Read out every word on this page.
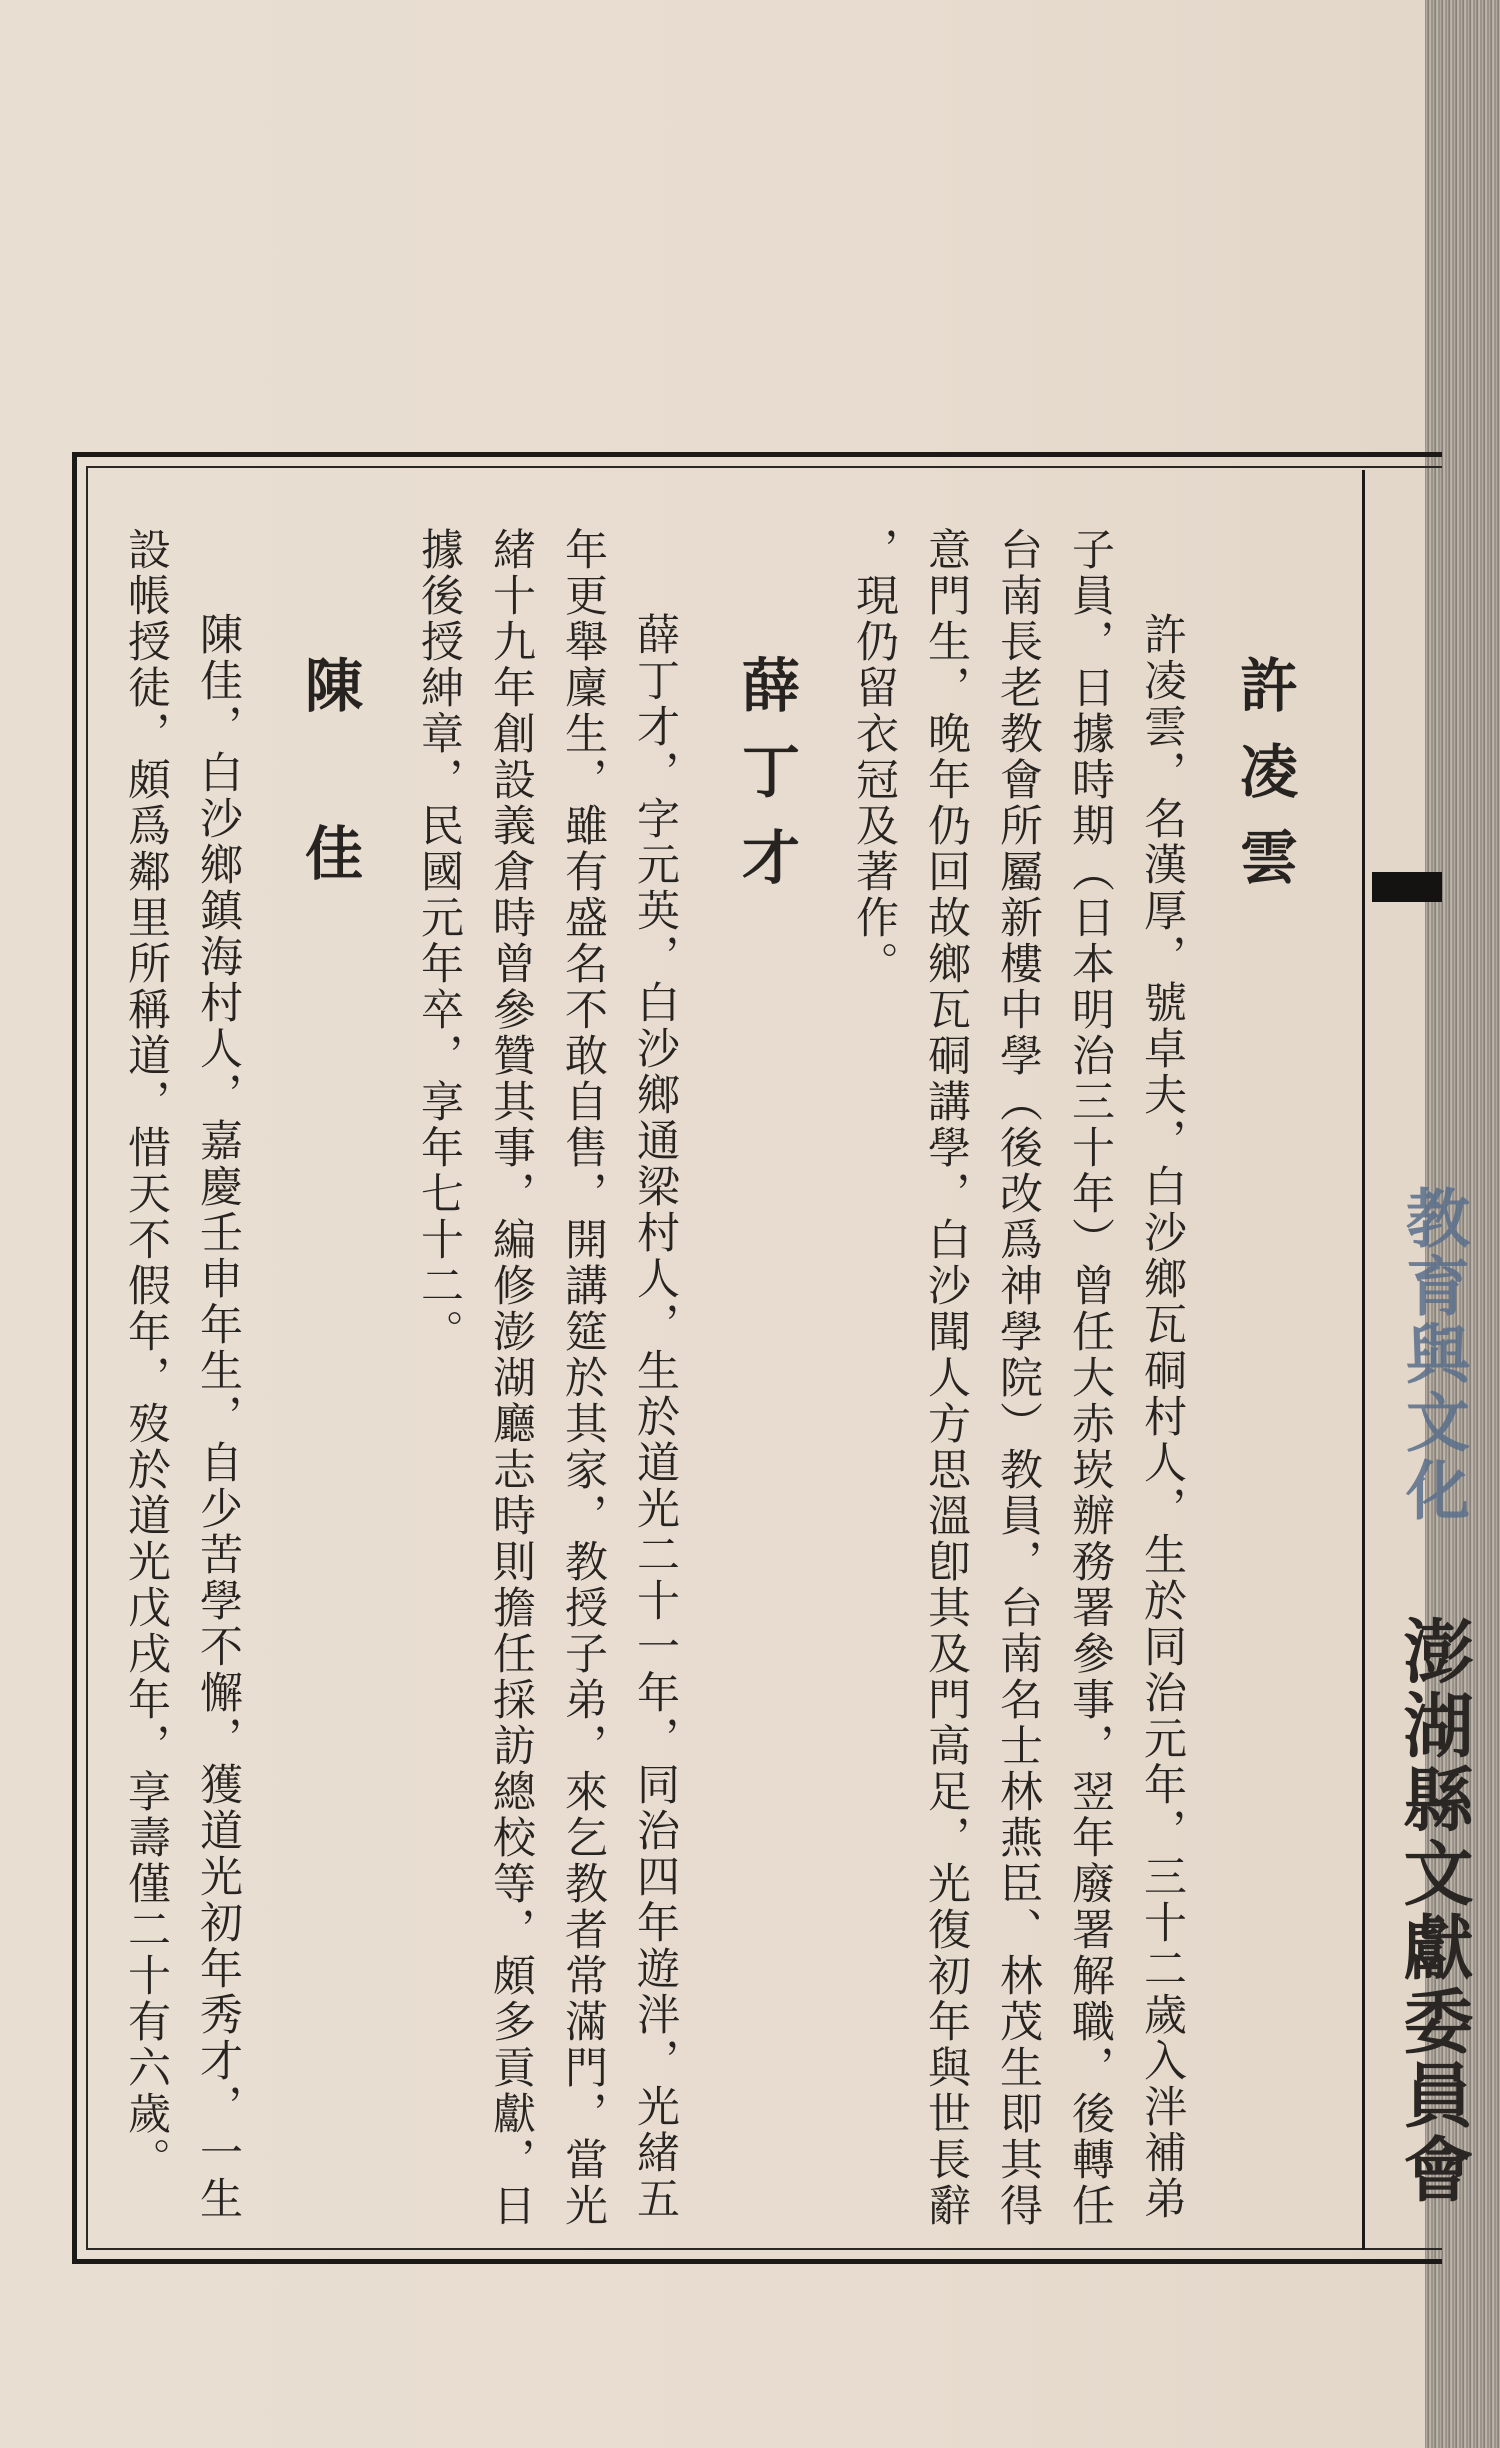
教育與文化
澎湖縣文獻委員會
許凌雲
許凌雲，名漢厚，號卓夫，白沙鄉瓦硐村人，生於同治元年，三十二歲入泮補弟
子員，日據時期（日本明治三十年）曾任大赤崁辦務署參事，翌年廢署解職，後轉任
台南長老教會所屬新樓中學（後改爲神學院）教員，台南名士林燕臣、林茂生即其得
意門生，晚年仍回故鄉瓦硐講學，白沙聞人方思溫卽其及門高足，光復初年與世長辭
，現仍留衣冠及著作。
薛丁才
薛丁才，字元英，白沙鄉通梁村人，生於道光二十一年，同治四年遊泮，光緒五
年更舉廩生，雖有盛名不敢自售，開講筵於其家，教授子弟，來乞教者常滿門，當光
緒十九年創設義倉時曾參贊其事，編修澎湖廳志時則擔任採訪總校等，頗多貢獻，日
據後授紳章，民國元年卒，享年七十二。
陳佳
陳佳，白沙鄉鎮海村人，嘉慶壬申年生，自少苦學不懈，獲道光初年秀才，一生
設帳授徒，頗爲鄰里所稱道，惜天不假年，歿於道光戊戌年，享壽僅二十有六歲。
